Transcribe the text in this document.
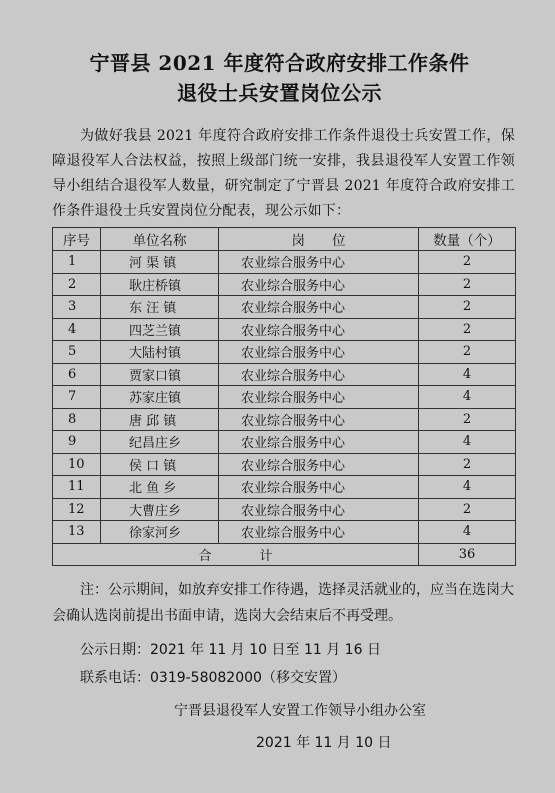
宁晋县 2021 年度符合政府安排工作条件
退役士兵安置岗位公示
为做好我县 2021 年度符合政府安排工作条件退役士兵安置工作，保障退役军人合法权益，按照上级部门统一安排，我县退役军人安置工作领导小组结合退役军人数量，研究制定了宁晋县 2021 年度符合政府安排工作条件退役士兵安置岗位分配表，现公示如下：
序号	单位名称	岗　　位	数量（个）
1	河 渠 镇	农业综合服务中心	2
2	耿庄桥镇	农业综合服务中心	2
3	东 汪 镇	农业综合服务中心	2
4	四芝兰镇	农业综合服务中心	2
5	大陆村镇	农业综合服务中心	2
6	贾家口镇	农业综合服务中心	4
7	苏家庄镇	农业综合服务中心	4
8	唐 邱 镇	农业综合服务中心	2
9	纪昌庄乡	农业综合服务中心	4
10	侯 口 镇	农业综合服务中心	2
11	北 鱼 乡	农业综合服务中心	4
12	大曹庄乡	农业综合服务中心	2
13	徐家河乡	农业综合服务中心	4
合计			36
注：公示期间，如放弃安排工作待遇，选择灵活就业的，应当在选岗大会确认选岗前提出书面申请，选岗大会结束后不再受理。
公示日期：2021 年 11 月 10 日至 11 月 16 日
联系电话：0319-58082000（移交安置）
宁晋县退役军人安置工作领导小组办公室
2021 年 11 月 10 日
